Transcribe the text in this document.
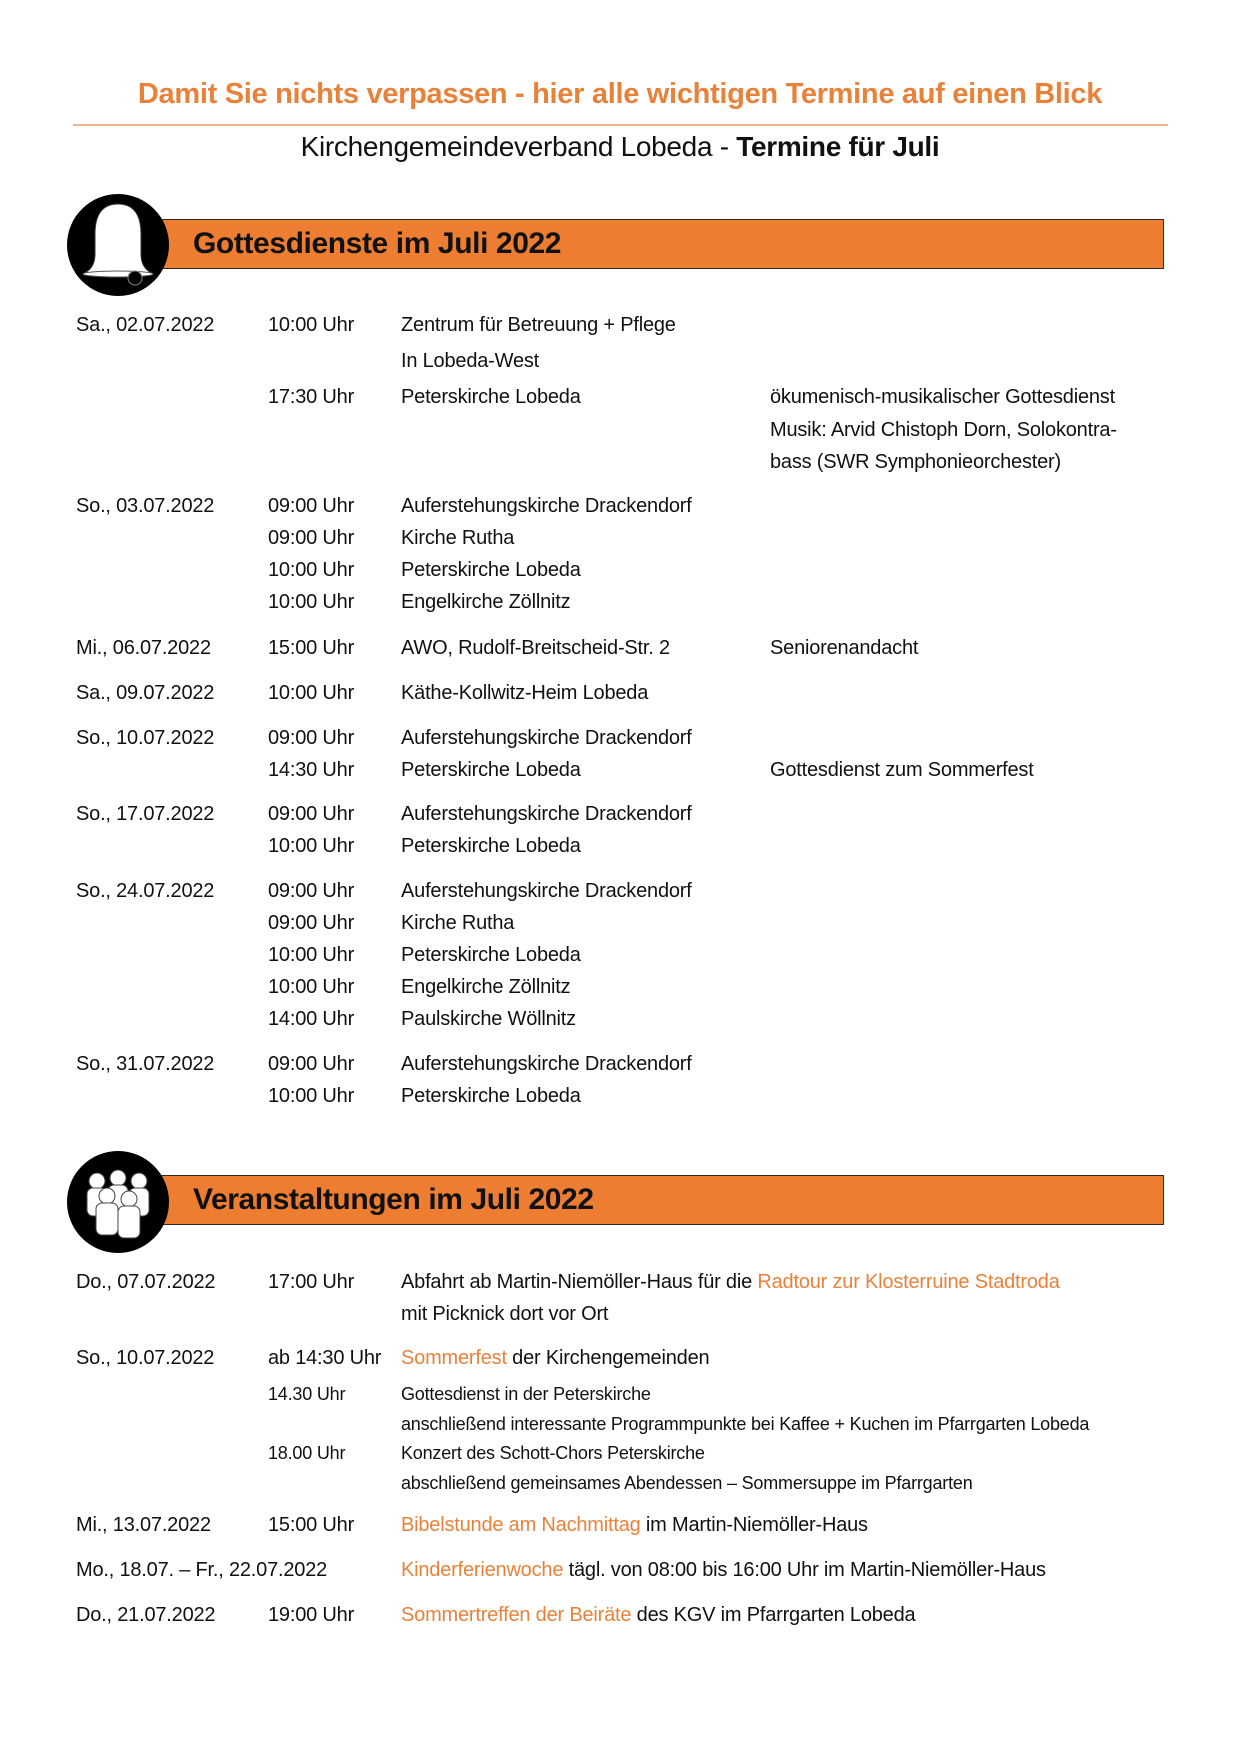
Damit Sie nichts verpassen - hier alle wichtigen Termine auf einen Blick
Kirchengemeindeverband Lobeda - Termine für Juli
Gottesdienste im Juli 2022
Sa., 02.07.2022	10:00 Uhr Zentrum für Betreuung + Pflege
In Lobeda-West
17:30 Uhr Peterskirche Lobeda	ökumenisch-musikalischer Gottesdienst
Musik: Arvid Chistoph Dorn, Solokontra-
bass (SWR Symphonieorchester)
So., 03.07.2022	09:00 Uhr Auferstehungskirche Drackendorf
09:00 Uhr Kirche Rutha
10:00 Uhr Peterskirche Lobeda
10:00 Uhr Engelkirche Zöllnitz
Mi., 06.07.2022	15:00 Uhr AWO, Rudolf-Breitscheid-Str. 2	Seniorenandacht
Sa., 09.07.2022	10:00 Uhr Käthe-Kollwitz-Heim Lobeda
So., 10.07.2022	09:00 Uhr Auferstehungskirche Drackendorf
14:30 Uhr Peterskirche Lobeda	Gottesdienst zum Sommerfest
So., 17.07.2022	09:00 Uhr Auferstehungskirche Drackendorf
10:00 Uhr Peterskirche Lobeda
So., 24.07.2022	09:00 Uhr Auferstehungskirche Drackendorf
09:00 Uhr Kirche Rutha
10:00 Uhr Peterskirche Lobeda
10:00 Uhr Engelkirche Zöllnitz
14:00 Uhr Paulskirche Wöllnitz
So., 31.07.2022	09:00 Uhr Auferstehungskirche Drackendorf
10:00 Uhr Peterskirche Lobeda
Veranstaltungen im Juli 2022
Do., 07.07.2022	17:00 Uhr Abfahrt ab Martin-Niemöller-Haus für die Radtour zur Klosterruine Stadtroda
mit Picknick dort vor Ort
So., 10.07.2022	ab 14:30 Uhr Sommerfest der Kirchengemeinden
14.30 Uhr	Gottesdienst in der Peterskirche
anschließend interessante Programmpunkte bei Kaffee + Kuchen im Pfarrgarten Lobeda
18.00 Uhr	Konzert des Schott-Chors Peterskirche
abschließend gemeinsames Abendessen – Sommersuppe im Pfarrgarten
Mi., 13.07.2022	15:00 Uhr Bibelstunde am Nachmittag im Martin-Niemöller-Haus
Mo., 18.07. – Fr., 22.07.2022	Kinderferienwoche tägl. von 08:00 bis 16:00 Uhr im Martin-Niemöller-Haus
Do., 21.07.2022	19:00 Uhr Sommertreffen der Beiräte des KGV im Pfarrgarten Lobeda
